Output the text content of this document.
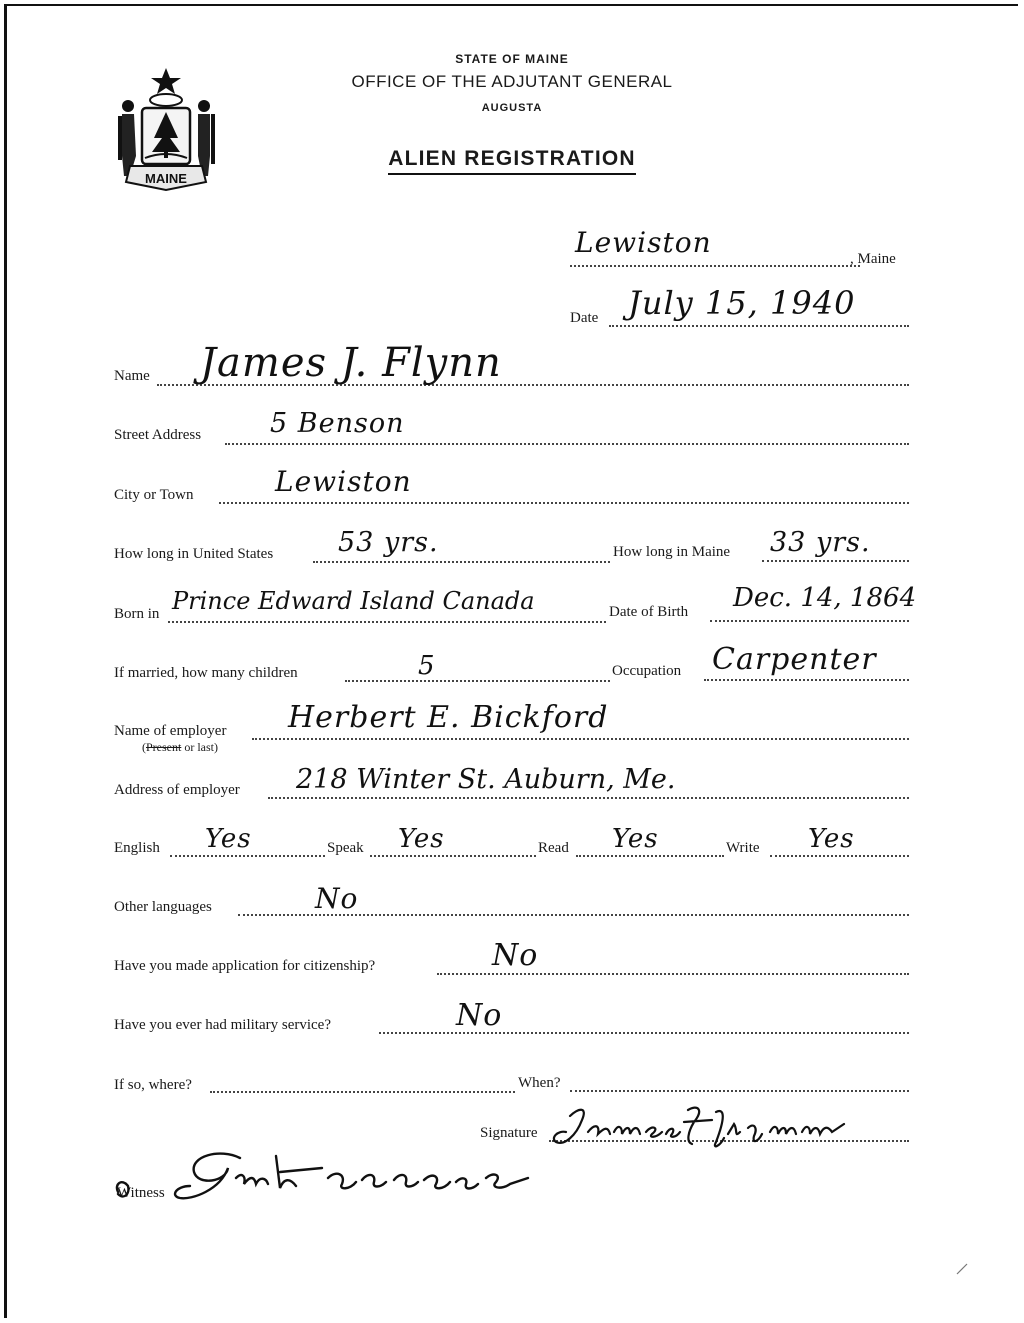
MAINE
STATE OF MAINE
OFFICE OF THE ADJUTANT GENERAL
AUGUSTA
ALIEN REGISTRATION
Lewiston	, Maine
Date July 15, 1940
Name James J. Flynn
Street Address	5 Benson
City or Town	Lewiston
How long in United States 53 yrs.	How long in Maine 33 yrs.
Born in Prince Edward Island Canada	Date of Birth Dec. 14, 1864
If married, how many children	5	Occupation Carpenter
Name of employer
(Present or last)
Herbert E. Bickford
Address of employer 218 Winter St. Auburn, Me.
English Yes	Speak Yes	Read Yes	Write Yes
Other languages	No
Have you made application for citizenship?	No
Have you ever had military service?	No
If so, where?	When?
Signature
Witness
